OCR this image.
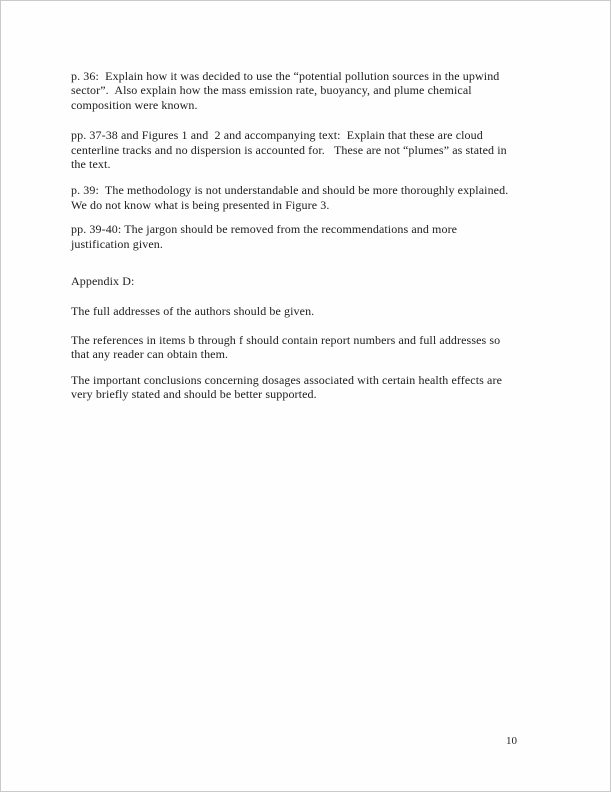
p. 36:  Explain how it was decided to use the “potential pollution sources in the upwind
sector”.  Also explain how the mass emission rate, buoyancy, and plume chemical
composition were known.

pp. 37-38 and Figures 1 and  2 and accompanying text:  Explain that these are cloud
centerline tracks and no dispersion is accounted for.   These are not “plumes” as stated in
the text.

p. 39:  The methodology is not understandable and should be more thoroughly explained.
We do not know what is being presented in Figure 3.

pp. 39-40: The jargon should be removed from the recommendations and more
justification given.

Appendix D:

The full addresses of the authors should be given.

The references in items b through f should contain report numbers and full addresses so
that any reader can obtain them.

The important conclusions concerning dosages associated with certain health effects are
very briefly stated and should be better supported.

10
